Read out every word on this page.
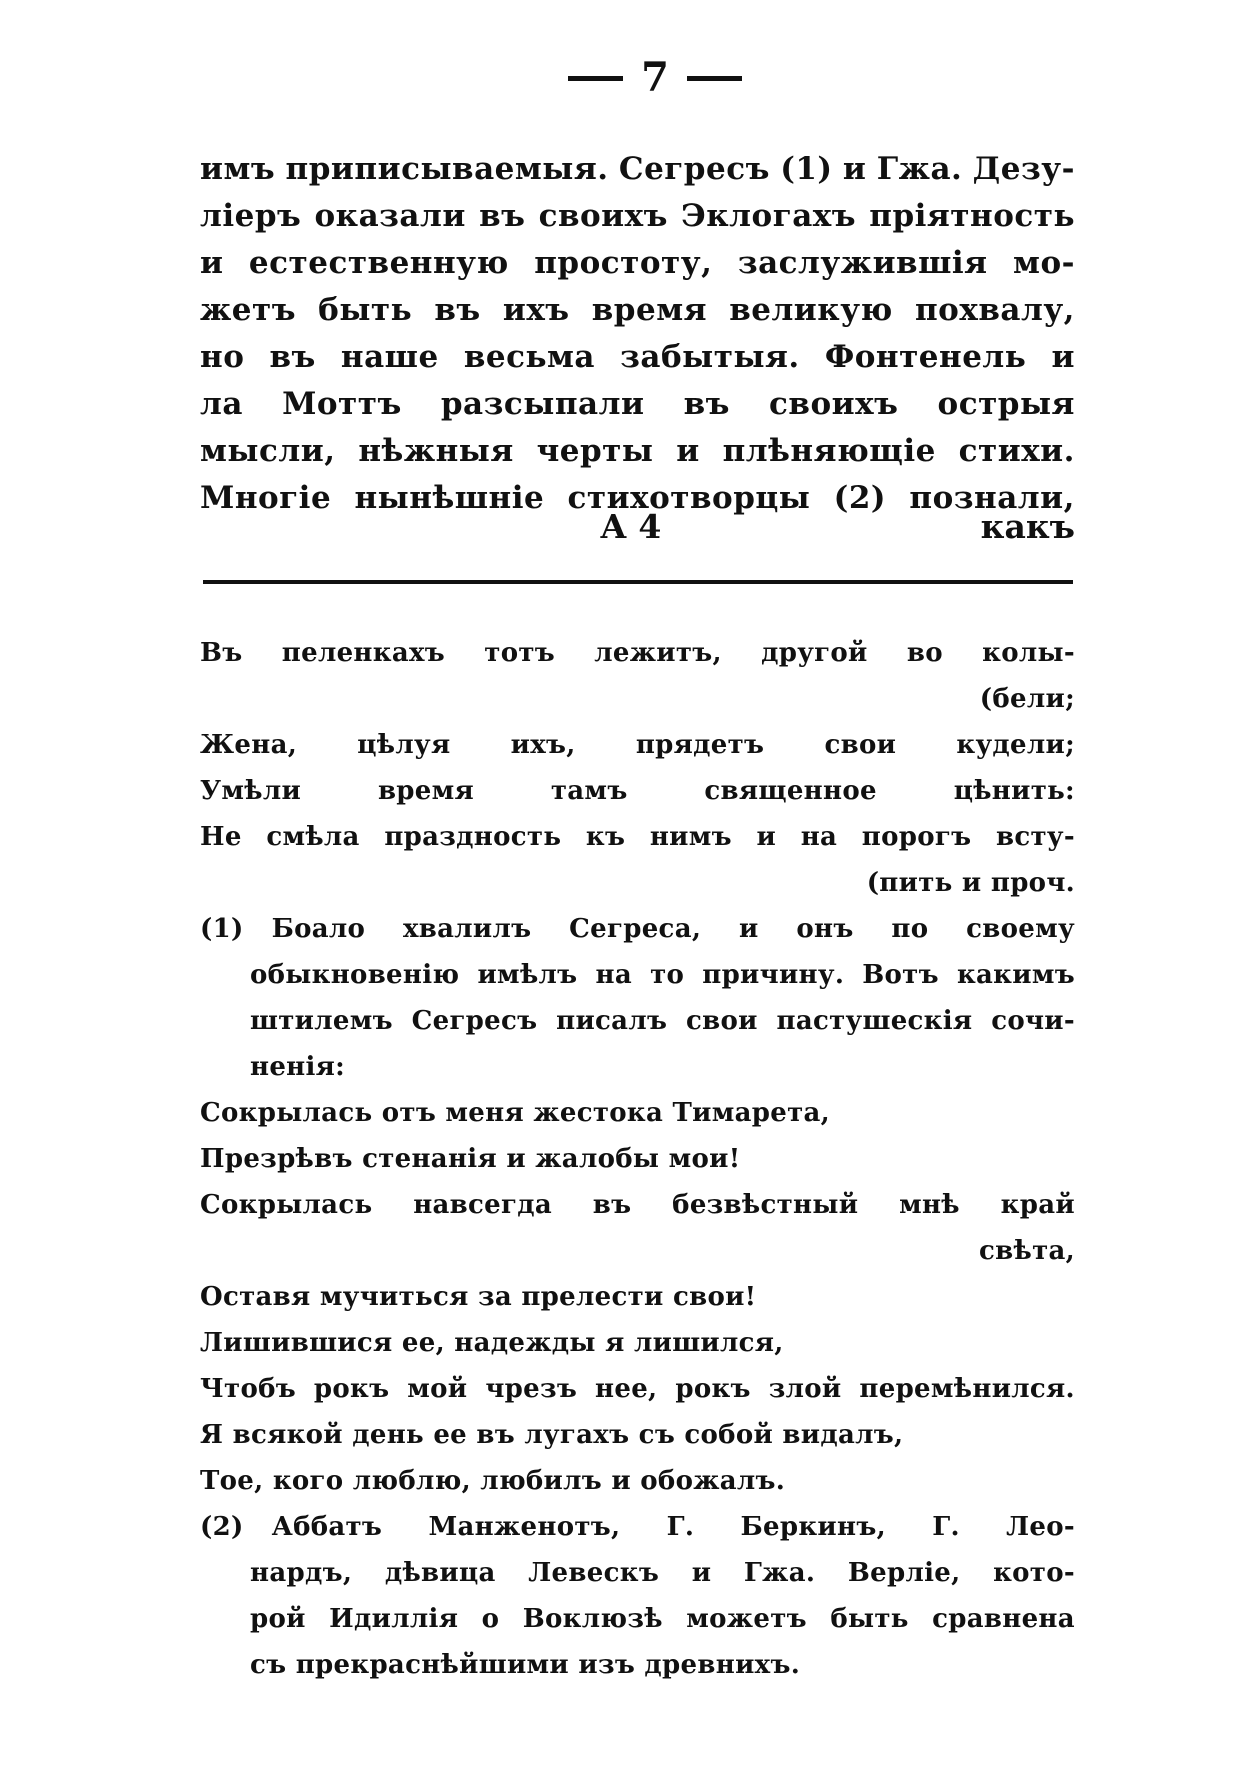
7
имъ приписываемыя. Сегресъ (1) и Гжа. Дезу-
ліеръ оказали въ своихъ Эклогахъ пріятность
и естественную простоту, заслужившія мо-
жетъ быть въ ихъ время великую похвалу,
но въ наше весьма забытыя. Фонтенель и
ла Моттъ разсыпали въ своихъ острыя
мысли, нѣжныя черты и плѣняющіе стихи.
Многіе нынѣшніе стихотворцы (2) познали,
А 4	какъ
Въ пеленкахъ тотъ лежитъ, другой во колы-
(бели;
Жена, цѣлуя ихъ, прядетъ свои кудели;
Умѣли	время	тамъ	священное	цѣнить:
Не смѣла праздность къ нимъ и на порогъ всту-
(пить и проч.
(1) Боало хвалилъ Сегреса, и онъ по своему
обыкновенію имѣлъ на то причину. Вотъ какимъ
штилемъ Сегресъ писалъ свои пастушескія сочи-
ненія:
Сокрылась отъ меня жестока Тимарета,
Презрѣвъ стенанія и жалобы мои!
Сокрылась навсегда въ безвѣстный мнѣ край
свѣта,
Оставя мучиться за прелести свои!
Лишившися ее, надежды я лишился,
Чтобъ рокъ мой чрезъ нее, рокъ злой перемѣнился.
Я всякой день ее въ лугахъ съ собой видалъ,
Тое, кого люблю, любилъ и обожалъ.
(2) Аббатъ Манженотъ, Г. Беркинъ, Г. Лео-
нардъ, дѣвица Левескъ и Гжа. Верліе, кото-
рой Идиллія о Воклюзѣ можетъ быть сравнена
съ прекраснѣйшими изъ древнихъ.
